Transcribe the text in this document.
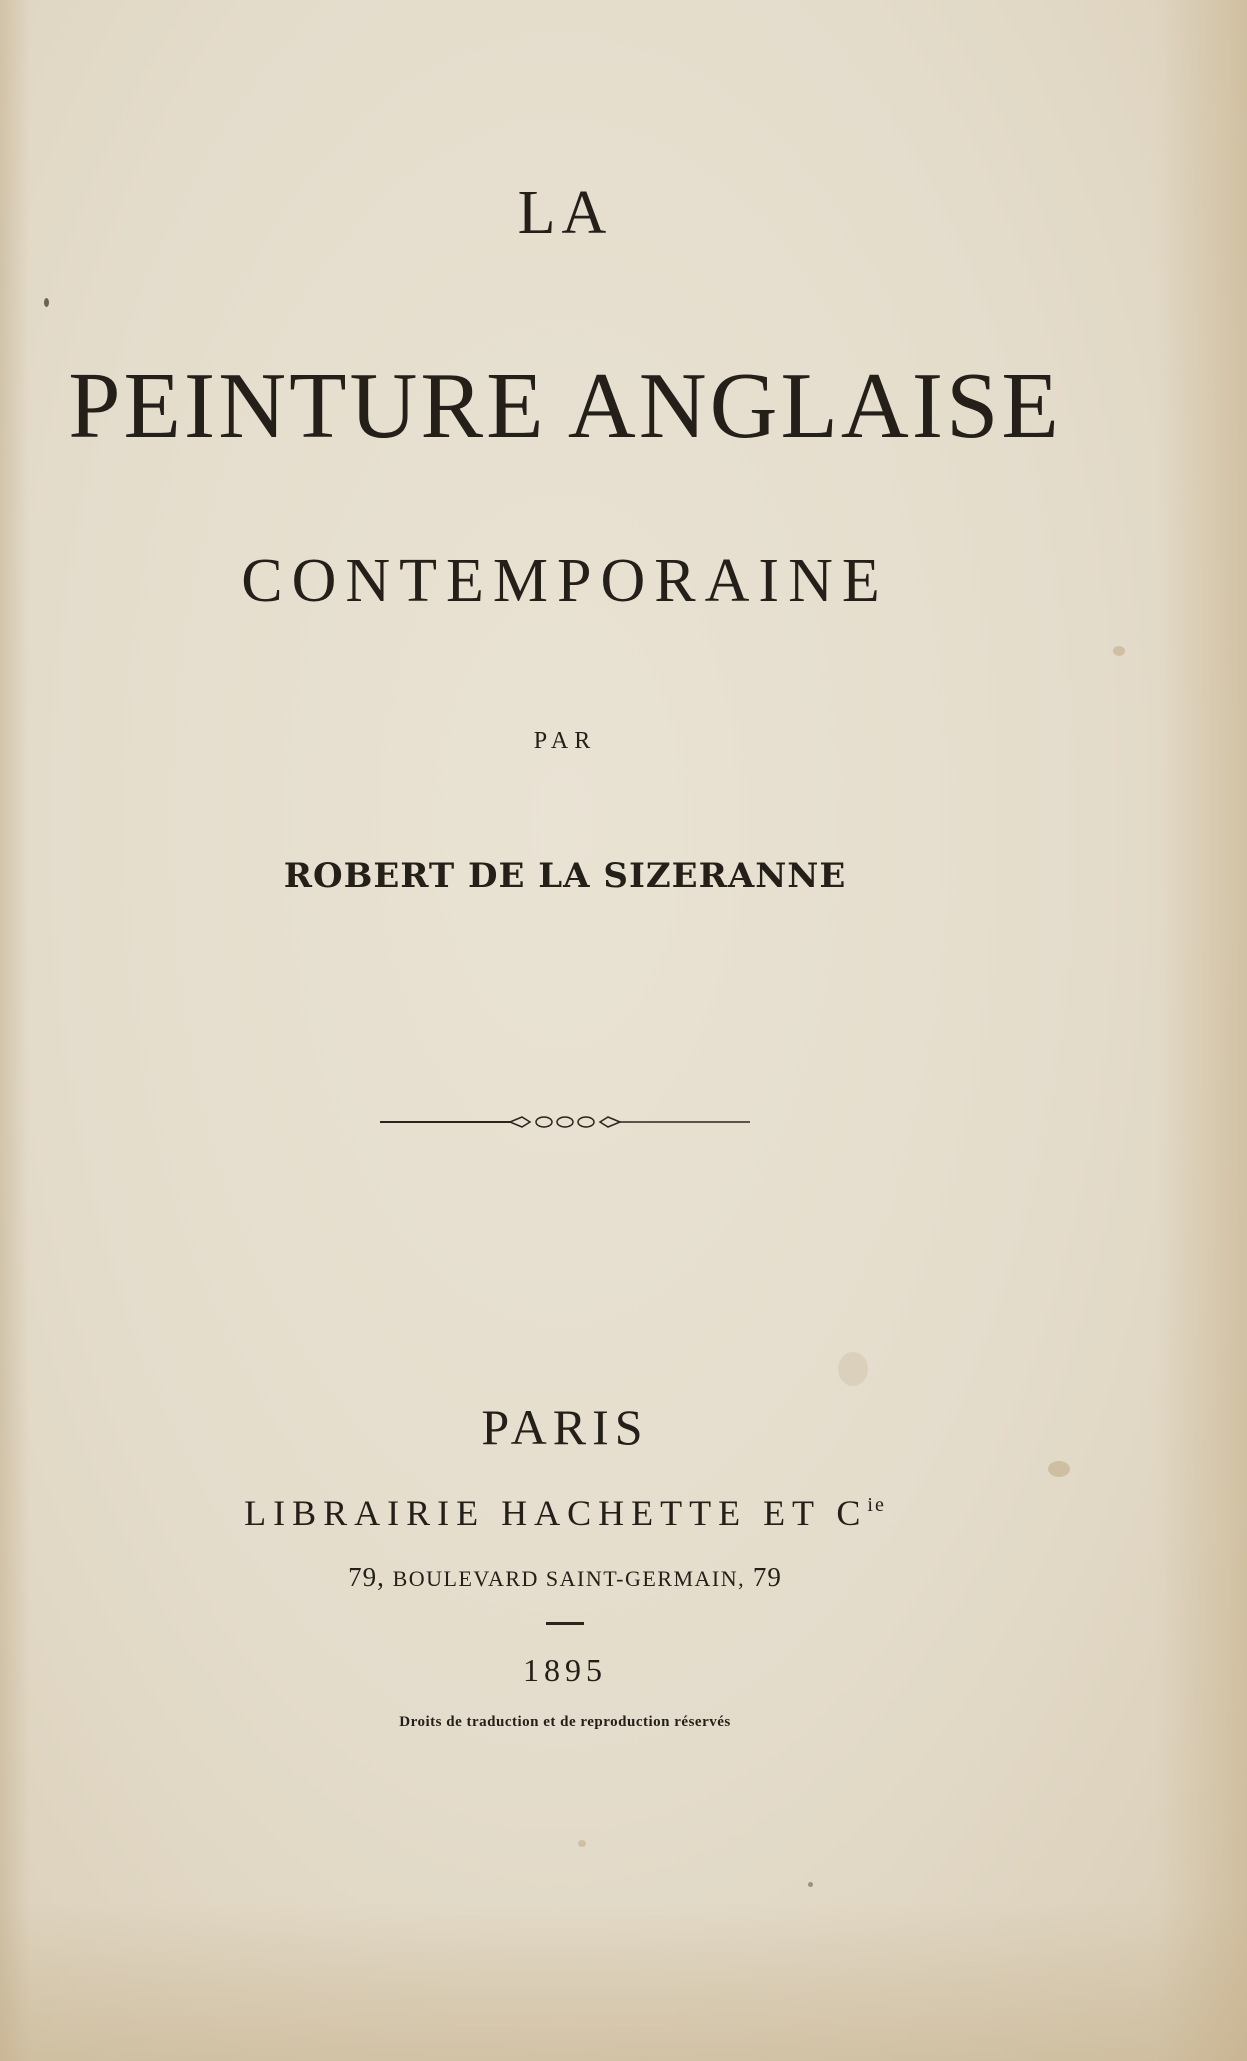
LA
PEINTURE ANGLAISE
CONTEMPORAINE
PAR
ROBERT DE LA SIZERANNE
PARIS
LIBRAIRIE HACHETTE ET $C^{ie}$
79, BOULEVARD SAINT-GERMAIN, 79
1895
Droits de traduction et de reproduction réservés
